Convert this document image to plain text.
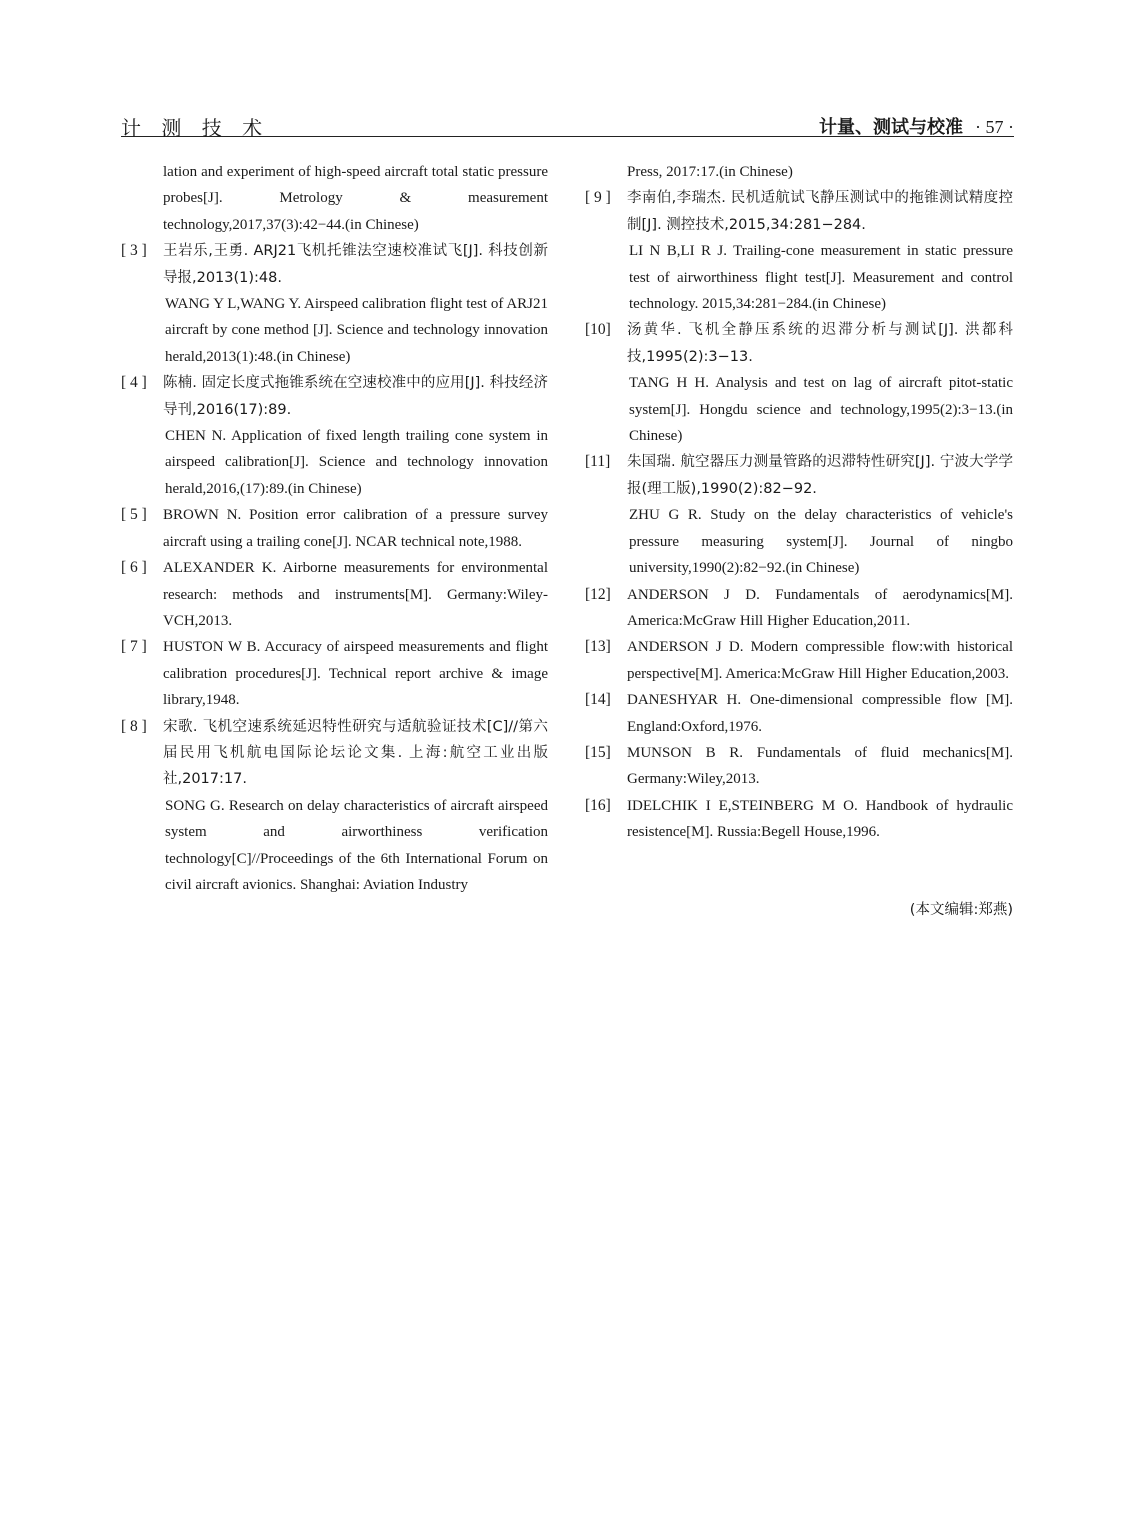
计 测 技 术	计量、测试与校准 · 57 ·

lation and experiment of high-speed aircraft total static pressure probes[J]. Metrology & measurement technology,2017,37(3):42−44.(in Chinese)

[ 3 ] 王岩乐,王勇. ARJ21飞机托锥法空速校准试飞[J]. 科技创新导报,2013(1):48.

WANG Y L,WANG Y. Airspeed calibration flight test of ARJ21 aircraft by cone method [J]. Science and technology innovation herald,2013(1):48.(in Chinese)

[ 4 ] 陈楠. 固定长度式拖锥系统在空速校准中的应用[J]. 科技经济导刊,2016(17):89.

CHEN N. Application of fixed length trailing cone system in airspeed calibration[J]. Science and technology innovation herald,2016,(17):89.(in Chinese)

[ 5 ] BROWN N. Position error calibration of a pressure survey aircraft using a trailing cone[J]. NCAR technical note,1988.

[ 6 ] ALEXANDER K. Airborne measurements for environmental research: methods and instruments[M]. Germany:Wiley-VCH,2013.

[ 7 ] HUSTON W B. Accuracy of airspeed measurements and flight calibration procedures[J]. Technical report archive & image library,1948.

[ 8 ] 宋歌. 飞机空速系统延迟特性研究与适航验证技术[C]//第六届民用飞机航电国际论坛论文集. 上海:航空工业出版社,2017:17.

SONG G. Research on delay characteristics of aircraft airspeed system and airworthiness verification technology[C]//Proceedings of the 6th International Forum on civil aircraft avionics. Shanghai: Aviation Industry

Press, 2017:17.(in Chinese)

[ 9 ] 李南伯,李瑞杰. 民机适航试飞静压测试中的拖锥测试精度控制[J]. 测控技术,2015,34:281−284.

LI N B,LI R J. Trailing-cone measurement in static pressure test of airworthiness flight test[J]. Measurement and control technology. 2015,34:281−284.(in Chinese)

[10] 汤黄华. 飞机全静压系统的迟滞分析与测试[J]. 洪都科技,1995(2):3−13.

TANG H H. Analysis and test on lag of aircraft pitot-static system[J]. Hongdu science and technology,1995(2):3−13.(in Chinese)

[11] 朱国瑞. 航空器压力测量管路的迟滞特性研究[J]. 宁波大学学报(理工版),1990(2):82−92.

ZHU G R. Study on the delay characteristics of vehicle's pressure measuring system[J]. Journal of ningbo university,1990(2):82−92.(in Chinese)

[12] ANDERSON J D. Fundamentals of aerodynamics[M]. America:McGraw Hill Higher Education,2011.

[13] ANDERSON J D. Modern compressible flow:with historical perspective[M]. America:McGraw Hill Higher Education,2003.

[14] DANESHYAR H. One-dimensional compressible flow [M]. England:Oxford,1976.

[15] MUNSON B R. Fundamentals of fluid mechanics[M]. Germany:Wiley,2013.

[16] IDELCHIK I E,STEINBERG M O. Handbook of hydraulic resistence[M]. Russia:Begell House,1996.

(本文编辑:郑燕)
